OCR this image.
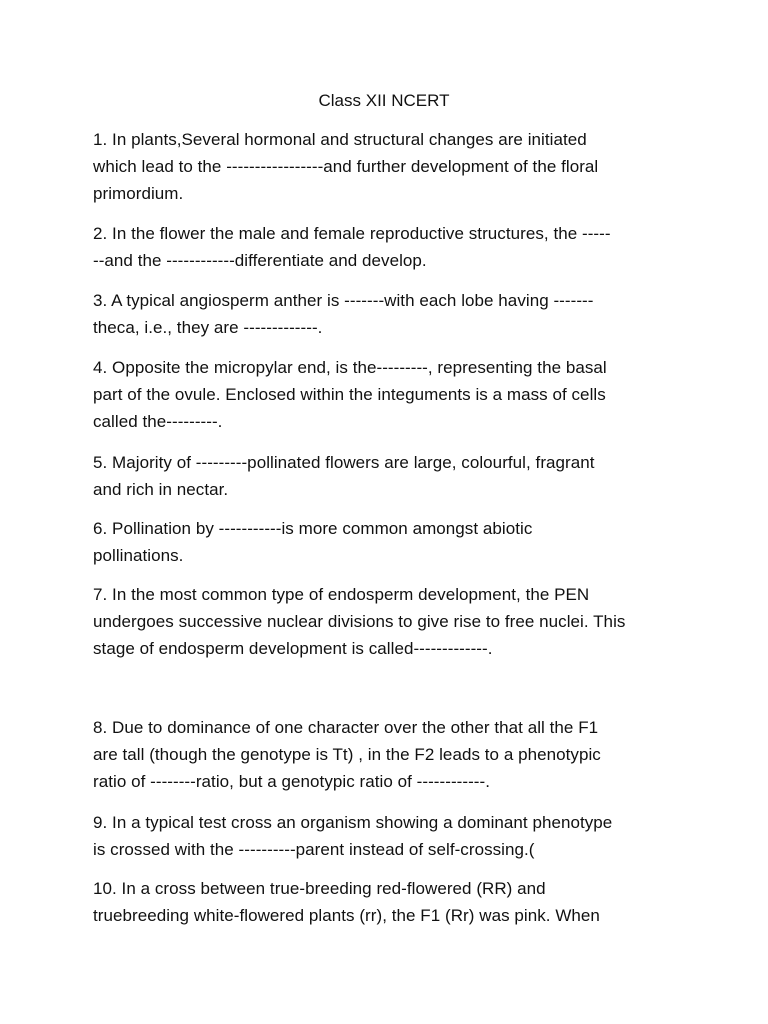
Class XII NCERT
1. In plants,Several hormonal and structural changes are initiated
which lead to the -----------------and further development of the floral
primordium.
2. In the flower the male and female reproductive structures, the -----
--and the ------------differentiate and develop.
3. A typical angiosperm anther is -------with each lobe having -------
theca, i.e., they are -------------.
4. Opposite the micropylar end, is the---------, representing the basal
part of the ovule. Enclosed within the integuments is a mass of cells
called the---------.
5. Majority of ---------pollinated flowers are large, colourful, fragrant
and rich in nectar.
6. Pollination by -----------is more common amongst abiotic
pollinations.
7. In the most common type of endosperm development, the PEN
undergoes successive nuclear divisions to give rise to free nuclei. This
stage of endosperm development is called-------------.
8. Due to dominance of one character over the other that all the F1
are tall (though the genotype is Tt) , in the F2 leads to a phenotypic
ratio of --------ratio, but a genotypic ratio of ------------.
9. In a typical test cross an organism showing a dominant phenotype
is crossed with the ----------parent instead of self-crossing.(
10. In a cross between true-breeding red-flowered (RR) and
truebreeding white-flowered plants (rr), the F1 (Rr) was pink. When
